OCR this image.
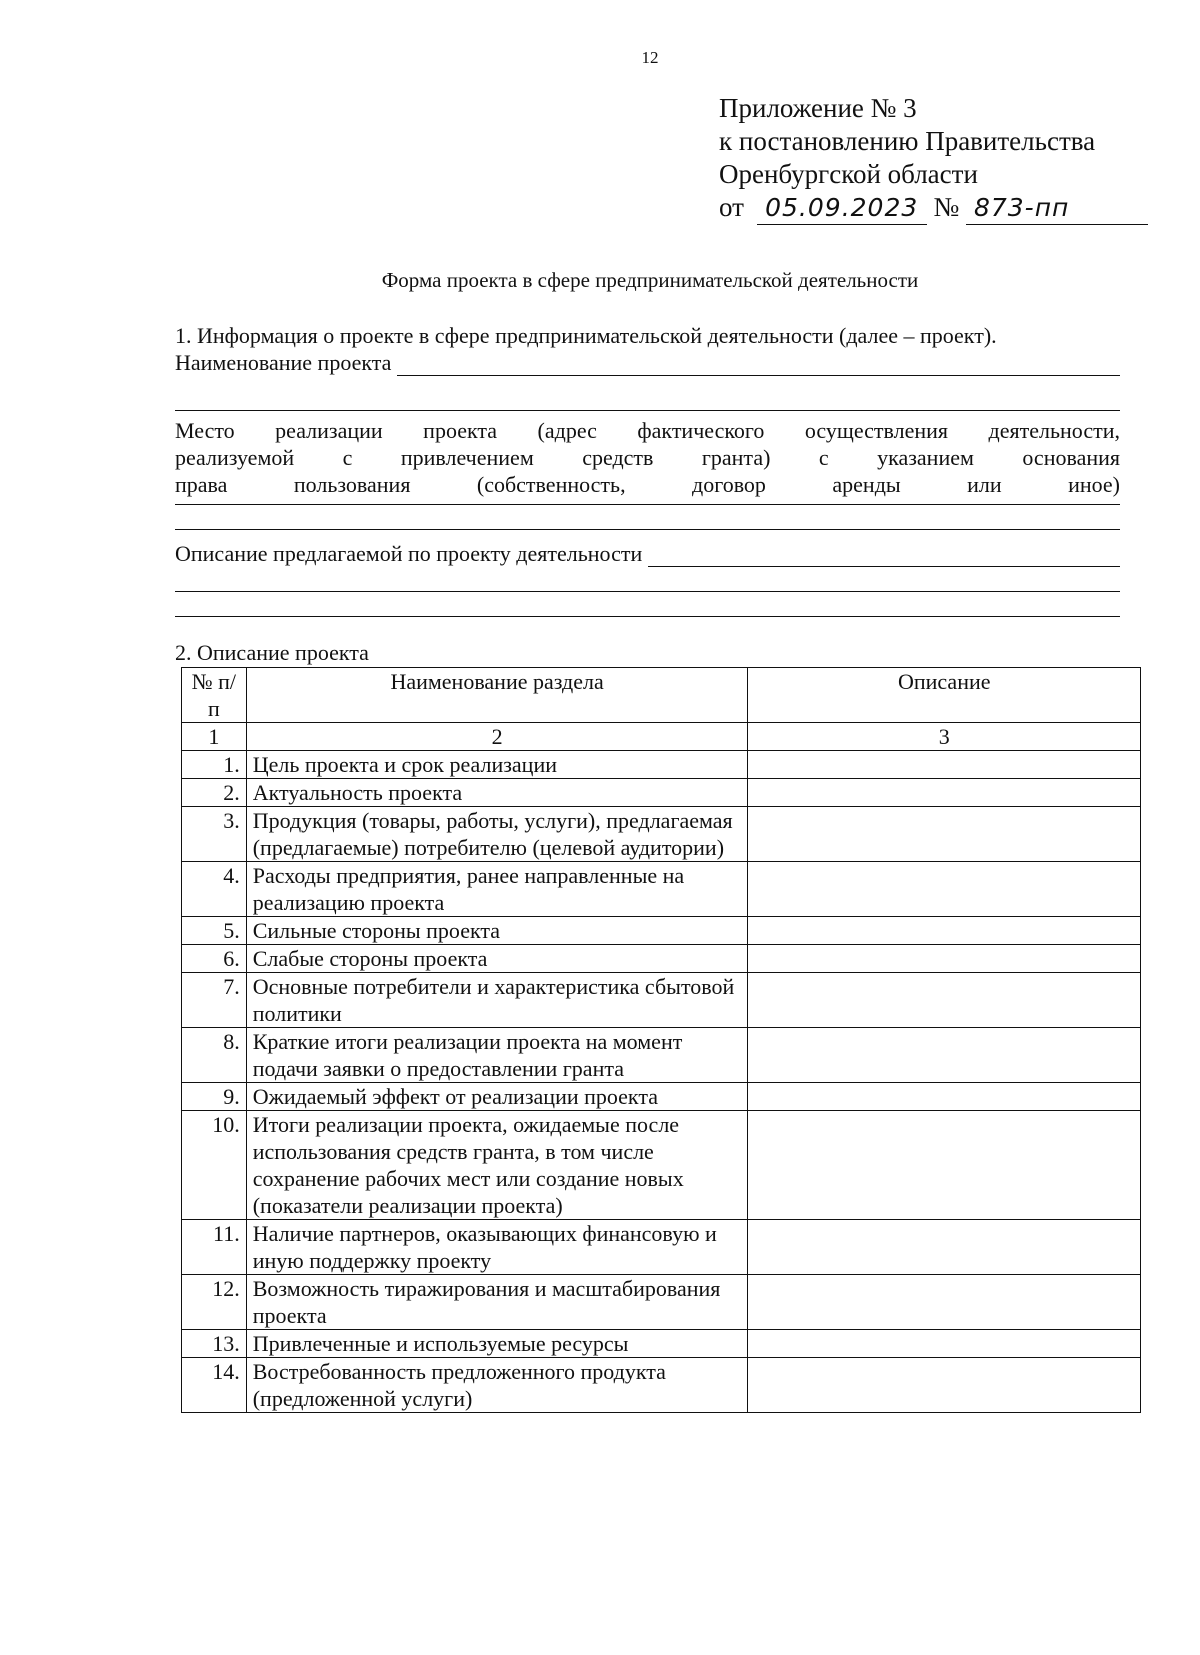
12
Приложение № 3
к постановлению Правительства
Оренбургской области
от 05.09.2023 № 873-пп
Форма проекта в сфере предпринимательской деятельности
1. Информация о проекте в сфере предпринимательской деятельности (далее – проект).
Наименование проекта
Место реализации проекта (адрес фактического осуществления деятельности,
реализуемой с привлечением средств гранта) с указанием основания
права пользования (собственность, договор аренды или иное)
Описание предлагаемой по проекту деятельности
2. Описание проекта
№ п/п	Наименование раздела	Описание
1	2	3
1.	Цель проекта и срок реализации	
2.	Актуальность проекта	
3.	Продукция (товары, работы, услуги), предлагаемая (предлагаемые) потребителю (целевой аудитории)	
4.	Расходы предприятия, ранее направленные на реализацию проекта	
5.	Сильные стороны проекта	
6.	Слабые стороны проекта	
7.	Основные потребители и характеристика сбытовой политики	
8.	Краткие итоги реализации проекта на момент подачи заявки о предоставлении гранта	
9.	Ожидаемый эффект от реализации проекта	
10.	Итоги реализации проекта, ожидаемые после использования средств гранта, в том числе сохранение рабочих мест или создание новых (показатели реализации проекта)	
11.	Наличие партнеров, оказывающих финансовую и иную поддержку проекту	
12.	Возможность тиражирования и масштабирования проекта	
13.	Привлеченные и используемые ресурсы	
14.	Востребованность предложенного продукта (предложенной услуги)	
